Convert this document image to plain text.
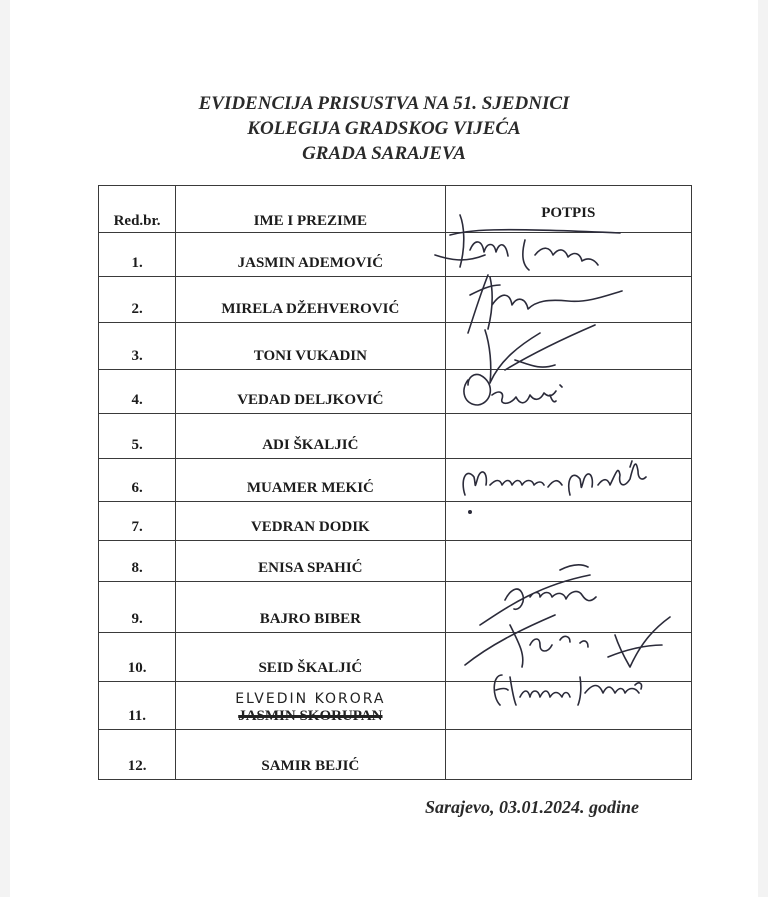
EVIDENCIJA PRISUSTVA NA 51. SJEDNICI
KOLEGIJA GRADSKOG VIJEĆA
GRADA SARAJEVA
Red.br.	IME I PREZIME	POTPIS
1.	JASMIN ADEMOVIĆ	
2.	MIRELA DŽEHVEROVIĆ	
3.	TONI VUKADIN	
4.	VEDAD DELJKOVIĆ	
5.	ADI ŠKALJIĆ	
6.	MUAMER MEKIĆ	
7.	VEDRAN DODIK	
8.	ENISA SPAHIĆ	
9.	BAJRO BIBER	
10.	SEID ŠKALJIĆ	
11.	ELVEDIN KORORA
JASMIN SKORUPAN	
12.	SAMIR BEJIĆ	
Sarajevo, 03.01.2024. godine
